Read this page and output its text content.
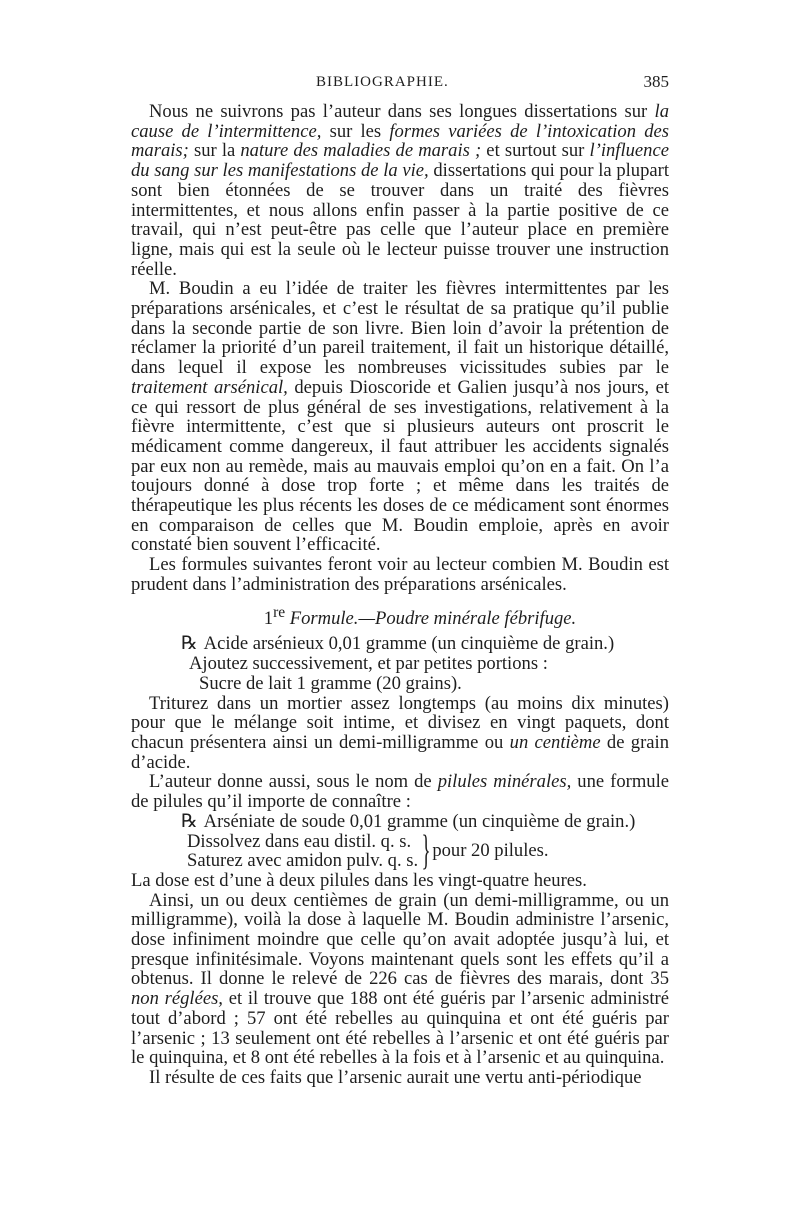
BIBLIOGRAPHIE.	385

Nous ne suivrons pas l’auteur dans ses longues dissertations sur la cause de l’intermittence, sur les formes variées de l’intoxication des marais; sur la nature des maladies de marais ; et surtout sur l’influence du sang sur les manifestations de la vie, dissertations qui pour la plupart sont bien étonnées de se trouver dans un traité des fièvres intermittentes, et nous allons enfin passer à la partie positive de ce travail, qui n’est peut-être pas celle que l’auteur place en première ligne, mais qui est la seule où le lecteur puisse trouver une instruction réelle.

M. Boudin a eu l’idée de traiter les fièvres intermittentes par les préparations arsénicales, et c’est le résultat de sa pratique qu’il publie dans la seconde partie de son livre. Bien loin d’avoir la prétention de réclamer la priorité d’un pareil traitement, il fait un historique détaillé, dans lequel il expose les nombreuses vicissitudes subies par le traitement arsénical, depuis Dioscoride et Galien jusqu’à nos jours, et ce qui ressort de plus général de ses investigations, relativement à la fièvre intermittente, c’est que si plusieurs auteurs ont proscrit le médicament comme dangereux, il faut attribuer les accidents signalés par eux non au remède, mais au mauvais emploi qu’on en a fait. On l’a toujours donné à dose trop forte ; et même dans les traités de thérapeutique les plus récents les doses de ce médicament sont énormes en comparaison de celles que M. Boudin emploie, après en avoir constaté bien souvent l’efficacité.

Les formules suivantes feront voir au lecteur combien M. Boudin est prudent dans l’administration des préparations arsénicales.

1re Formule.—Poudre minérale fébrifuge.

℞ Acide arsénieux 0,01 gramme (un cinquième de grain.)

Ajoutez successivement, et par petites portions :

Sucre de lait 1 gramme (20 grains).

Triturez dans un mortier assez longtemps (au moins dix minutes) pour que le mélange soit intime, et divisez en vingt paquets, dont chacun présentera ainsi un demi-milligramme ou un centième de grain d’acide.

L’auteur donne aussi, sous le nom de pilules minérales, une formule de pilules qu’il importe de connaître :

℞ Arséniate de soude 0,01 gramme (un cinquième de grain.)

Dissolvez dans eau distil. q. s.
Saturez avec amidon pulv. q. s. } pour 20 pilules.

La dose est d’une à deux pilules dans les vingt-quatre heures.

Ainsi, un ou deux centièmes de grain (un demi-milligramme, ou un milligramme), voilà la dose à laquelle M. Boudin administre l’arsenic, dose infiniment moindre que celle qu’on avait adoptée jusqu’à lui, et presque infinitésimale. Voyons maintenant quels sont les effets qu’il a obtenus. Il donne le relevé de 226 cas de fièvres des marais, dont 35 non réglées, et il trouve que 188 ont été guéris par l’arsenic administré tout d’abord ; 57 ont été rebelles au quinquina et ont été guéris par l’arsenic ; 13 seulement ont été rebelles à l’arsenic et ont été guéris par le quinquina, et 8 ont été rebelles à la fois et à l’arsenic et au quinquina.

Il résulte de ces faits que l’arsenic aurait une vertu anti-périodique
